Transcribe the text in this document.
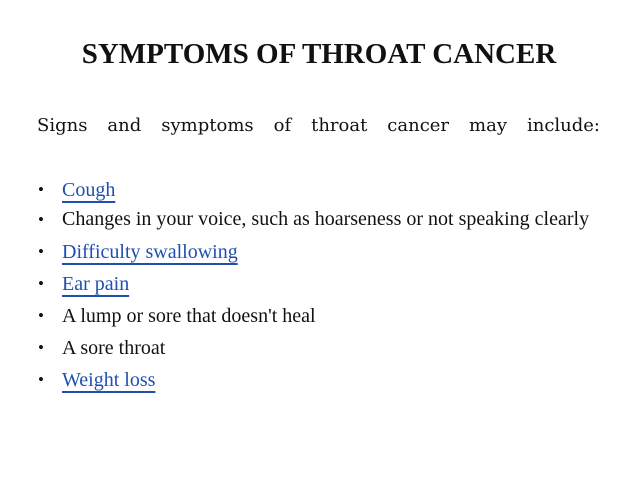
SYMPTOMS OF THROAT CANCER
Signs and symptoms of throat cancer may include:
• Cough
• Changes in your voice, such as hoarseness or not speaking clearly
• Difficulty swallowing
• Ear pain
• A lump or sore that doesn't heal
• A sore throat
• Weight loss
